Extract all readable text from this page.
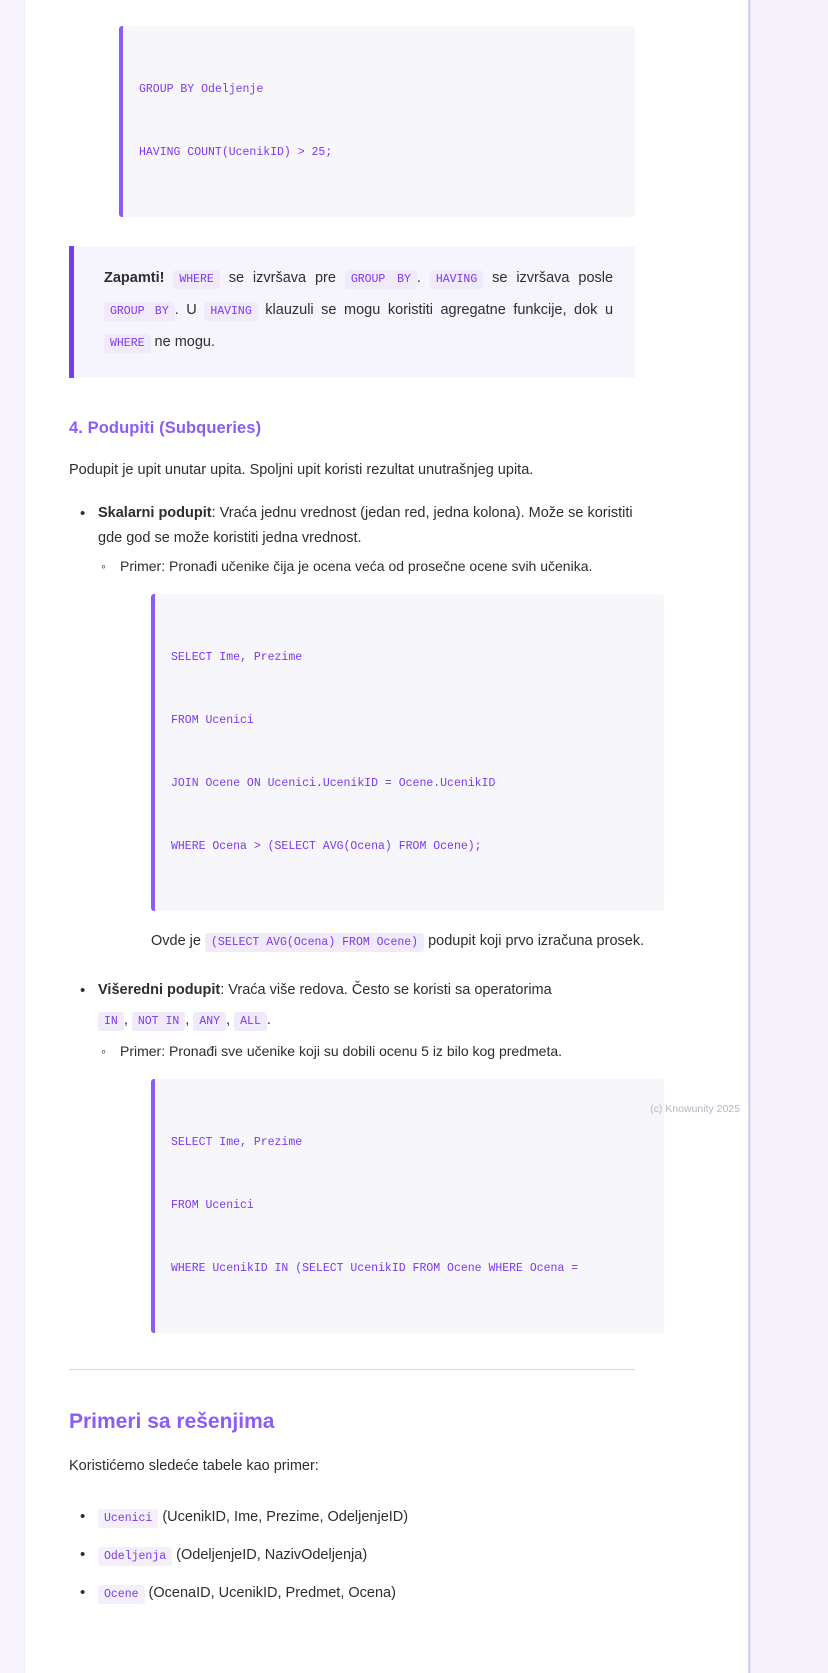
GROUP BY Odeljenje

HAVING COUNT(UcenikID) > 25;

Zapamti! WHERE se izvršava pre GROUP BY . HAVING se izvršava posle GROUP BY . U HAVING klauzuli se mogu koristiti agregatne funkcije, dok u WHERE ne mogu.
4. Podupiti (Subqueries)

Podupit je upit unutar upita. Spoljni upit koristi rezultat unutrašnjeg upita.

• Skalarni podupit: Vraća jednu vrednost (jedan red, jedna kolona). Može se koristiti gde god se može koristiti jedna vrednost.
◦ Primer: Pronađi učenike čija je ocena veća od prosečne ocene svih učenika.

SELECT Ime, Prezime

FROM Ucenici

JOIN Ocene ON Ucenici.UcenikID = Ocene.UcenikID

WHERE Ocena > (SELECT AVG(Ocena) FROM Ocene);

Ovde je (SELECT AVG(Ocena) FROM Ocene) podupit koji prvo izračuna prosek.
• Višeredni podupit: Vraća više redova. Često se koristi sa operatorima
IN , NOT IN , ANY , ALL .
◦ Primer: Pronađi sve učenike koji su dobili ocenu 5 iz bilo kog predmeta.

SELECT Ime, Prezime

FROM Ucenici

WHERE UcenikID IN (SELECT UcenikID FROM Ocene WHERE Ocena =

Primeri sa rešenjima

Koristićemo sledeće tabele kao primer:

• Ucenici (UcenikID, Ime, Prezime, OdeljenjeID)
• Odeljenja (OdeljenjeID, NazivOdeljenja)
• Ocene (OcenaID, UcenikID, Predmet, Ocena)
(c) Knowunity 2025
